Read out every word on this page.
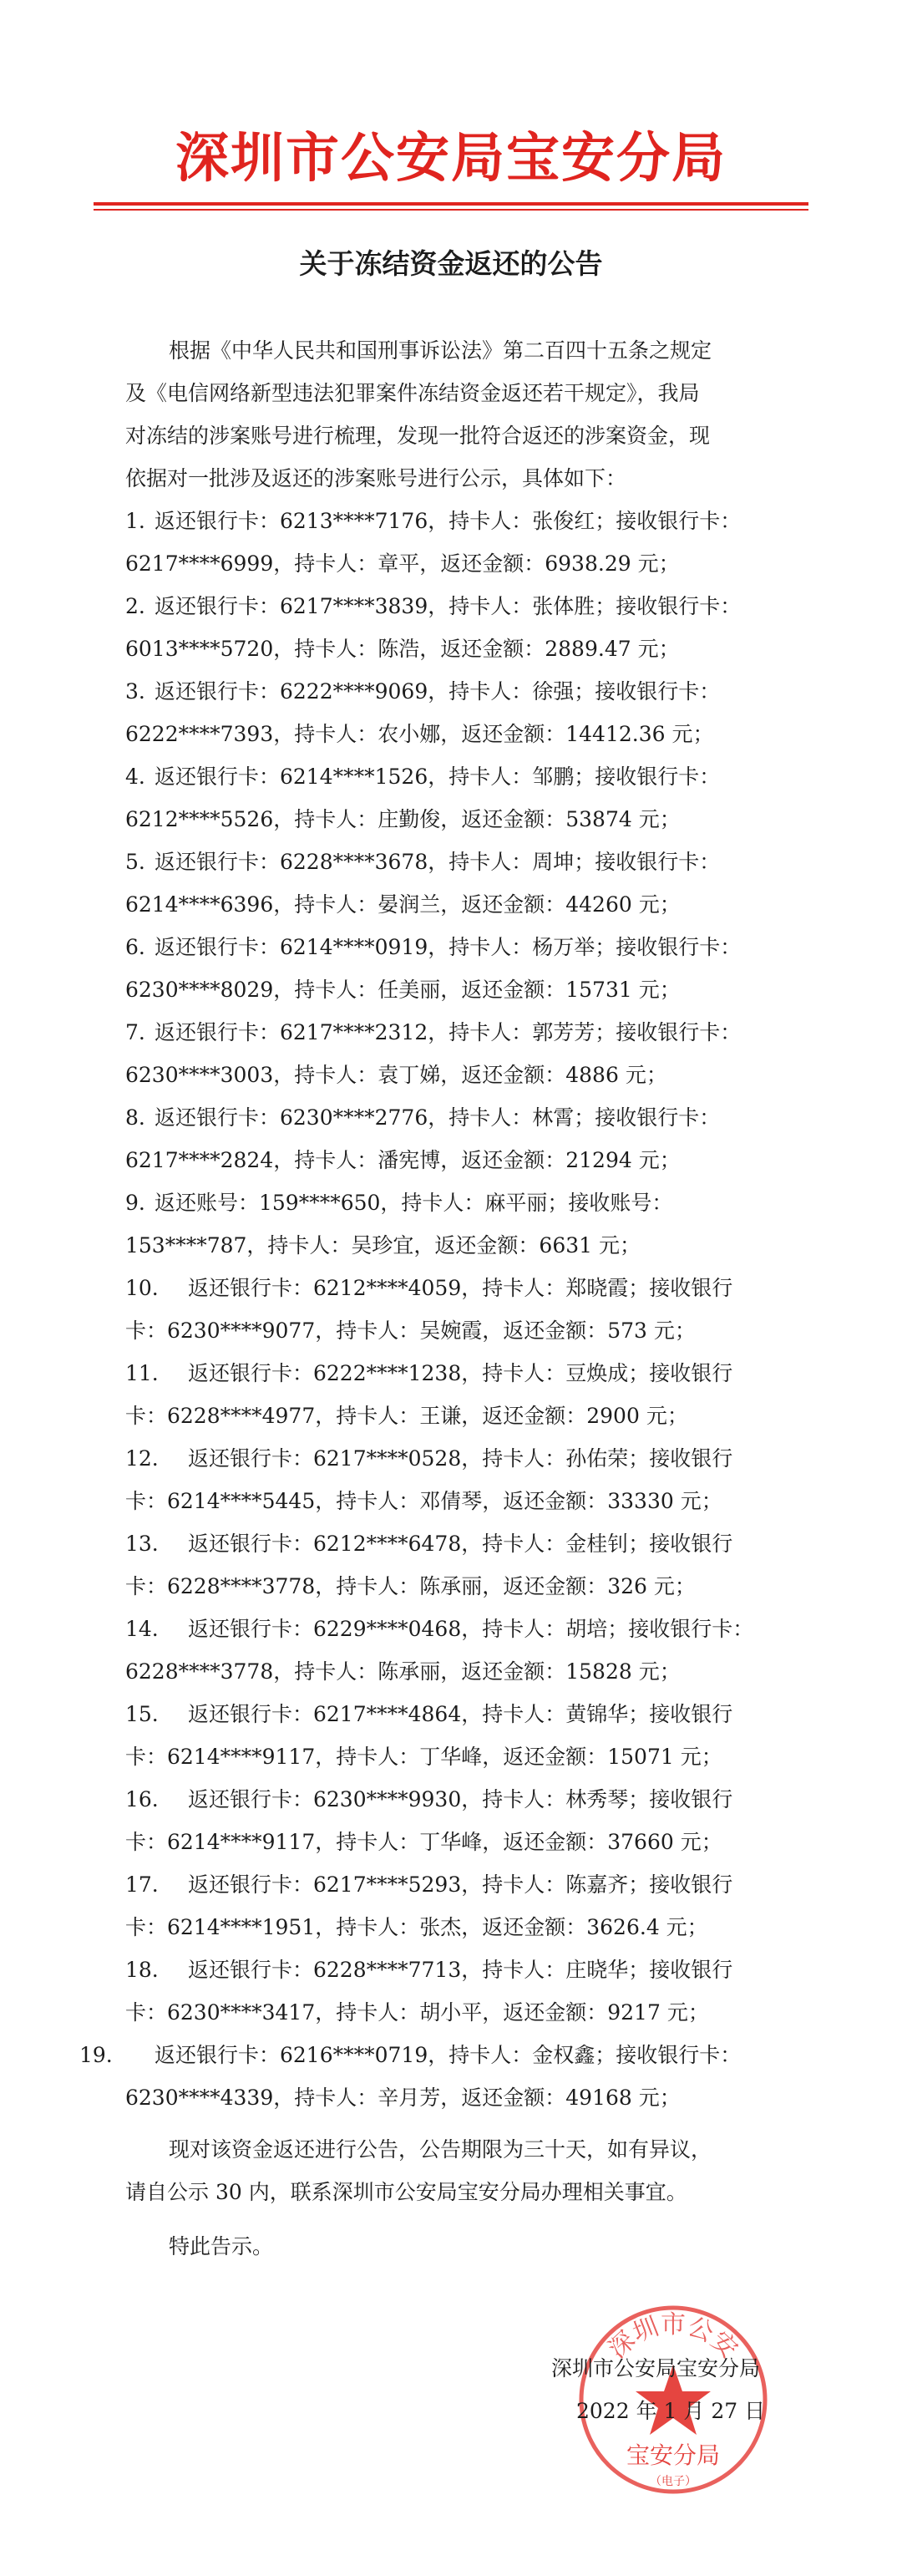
深圳市公安局宝安分局
关于冻结资金返还的公告
根据《中华人民共和国刑事诉讼法》第二百四十五条之规定
及《电信网络新型违法犯罪案件冻结资金返还若干规定》，我局
对冻结的涉案账号进行梳理，发现一批符合返还的涉案资金，现
依据对一批涉及返还的涉案账号进行公示，具体如下：
1. 返还银行卡：6213****7176，持卡人：张俊红；接收银行卡：
6217****6999，持卡人：章平，返还金额：6938.29 元；
2. 返还银行卡：6217****3839，持卡人：张体胜；接收银行卡：
6013****5720，持卡人：陈浩，返还金额：2889.47 元；
3. 返还银行卡：6222****9069，持卡人：徐强；接收银行卡：
6222****7393，持卡人：农小娜，返还金额：14412.36 元；
4. 返还银行卡：6214****1526，持卡人：邹鹏；接收银行卡：
6212****5526，持卡人：庄勤俊，返还金额：53874 元；
5. 返还银行卡：6228****3678，持卡人：周坤；接收银行卡：
6214****6396，持卡人：晏润兰，返还金额：44260 元；
6. 返还银行卡：6214****0919，持卡人：杨万举；接收银行卡：
6230****8029，持卡人：任美丽，返还金额：15731 元；
7. 返还银行卡：6217****2312，持卡人：郭芳芳；接收银行卡：
6230****3003，持卡人：袁丁娣，返还金额：4886 元；
8. 返还银行卡：6230****2776，持卡人：林霄；接收银行卡：
6217****2824，持卡人：潘宪博，返还金额：21294 元；
9. 返还账号：159****650，持卡人：麻平丽；接收账号：
153****787，持卡人：吴珍宜，返还金额：6631 元；
10. 返还银行卡：6212****4059，持卡人：郑晓霞；接收银行
卡：6230****9077，持卡人：吴婉霞，返还金额：573 元；
11. 返还银行卡：6222****1238，持卡人：豆焕成；接收银行
卡：6228****4977，持卡人：王谦，返还金额：2900 元；
12. 返还银行卡：6217****0528，持卡人：孙佑荣；接收银行
卡：6214****5445，持卡人：邓倩琴，返还金额：33330 元；
13. 返还银行卡：6212****6478，持卡人：金桂钊；接收银行
卡：6228****3778，持卡人：陈承丽，返还金额：326 元；
14. 返还银行卡：6229****0468，持卡人：胡培；接收银行卡：
6228****3778，持卡人：陈承丽，返还金额：15828 元；
15. 返还银行卡：6217****4864，持卡人：黄锦华；接收银行
卡：6214****9117，持卡人：丁华峰，返还金额：15071 元；
16. 返还银行卡：6230****9930，持卡人：林秀琴；接收银行
卡：6214****9117，持卡人：丁华峰，返还金额：37660 元；
17. 返还银行卡：6217****5293，持卡人：陈嘉齐；接收银行
卡：6214****1951，持卡人：张杰，返还金额：3626.4 元；
18. 返还银行卡：6228****7713，持卡人：庄晓华；接收银行
卡：6230****3417，持卡人：胡小平，返还金额：9217 元；
19. 返还银行卡：6216****0719，持卡人：金权鑫；接收银行卡：
6230****4339，持卡人：辛月芳，返还金额：49168 元；
现对该资金返还进行公告，公告期限为三十天，如有异议，
请自公示 30 内，联系深圳市公安局宝安分局办理相关事宜。
特此告示。
深圳市公安
宝安分局
（电子）
深圳市公安局宝安分局
2022 年 1 月 27 日
